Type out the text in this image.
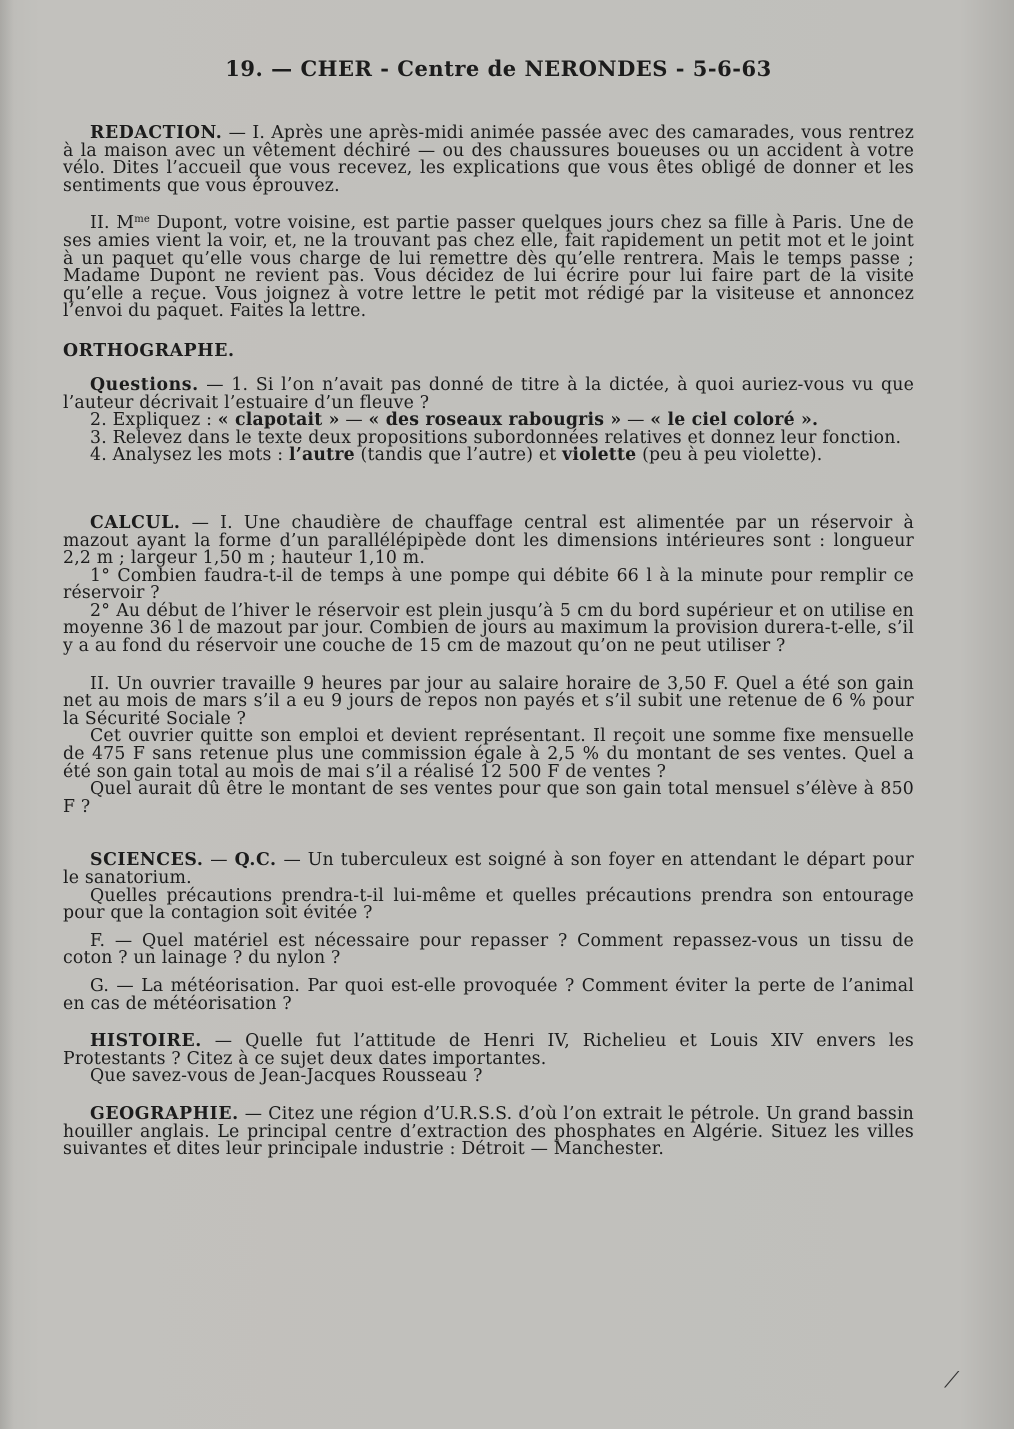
19. — CHER - Centre de NERONDES - 5-6-63

REDACTION. — I. Après une après-midi animée passée avec des camarades, vous rentrez à la maison avec un vêtement déchiré — ou des chaussures boueuses ou un accident à votre vélo. Dites l’accueil que vous recevez, les explications que vous êtes obligé de donner et les sentiments que vous éprouvez.

II. $M^{me}$ Dupont, votre voisine, est partie passer quelques jours chez sa fille à Paris. Une de ses amies vient la voir, et, ne la trouvant pas chez elle, fait rapidement un petit mot et le joint à un paquet qu’elle vous charge de lui remettre dès qu’elle rentrera. Mais le temps passe ; Madame Dupont ne revient pas. Vous décidez de lui écrire pour lui faire part de la visite qu’elle a reçue. Vous joignez à votre lettre le petit mot rédigé par la visiteuse et annoncez l’envoi du paquet. Faites la lettre.

ORTHOGRAPHE.

Questions. — 1. Si l’on n’avait pas donné de titre à la dictée, à quoi auriez-vous vu que l’auteur décrivait l’estuaire d’un fleuve ?

2. Expliquez : « clapotait » — « des roseaux rabougris » — « le ciel coloré ».

3. Relevez dans le texte deux propositions subordonnées relatives et donnez leur fonction.

4. Analysez les mots : l’autre (tandis que l’autre) et violette (peu à peu violette).

CALCUL. — I. Une chaudière de chauffage central est alimentée par un réservoir à mazout ayant la forme d’un parallélépipède dont les dimensions intérieures sont : longueur 2,2 m ; largeur 1,50 m ; hauteur 1,10 m.

1° Combien faudra-t-il de temps à une pompe qui débite 66 l à la minute pour remplir ce réservoir ?

2° Au début de l’hiver le réservoir est plein jusqu’à 5 cm du bord supérieur et on utilise en moyenne 36 l de mazout par jour. Combien de jours au maximum la provision durera-t-elle, s’il y a au fond du réservoir une couche de 15 cm de mazout qu’on ne peut utiliser ?

II. Un ouvrier travaille 9 heures par jour au salaire horaire de 3,50 F. Quel a été son gain net au mois de mars s’il a eu 9 jours de repos non payés et s’il subit une retenue de 6 % pour la Sécurité Sociale ?

Cet ouvrier quitte son emploi et devient représentant. Il reçoit une somme fixe mensuelle de 475 F sans retenue plus une commission égale à 2,5 % du montant de ses ventes. Quel a été son gain total au mois de mai s’il a réalisé 12 500 F de ventes ?

Quel aurait dû être le montant de ses ventes pour que son gain total mensuel s’élève à 850 F ?

SCIENCES. — Q.C. — Un tuberculeux est soigné à son foyer en attendant le départ pour le sanatorium.

Quelles précautions prendra-t-il lui-même et quelles précautions prendra son entourage pour que la contagion soit évitée ?

F. — Quel matériel est nécessaire pour repasser ? Comment repassez-vous un tissu de coton ? un lainage ? du nylon ?

G. — La météorisation. Par quoi est-elle provoquée ? Comment éviter la perte de l’animal en cas de météorisation ?

HISTOIRE. — Quelle fut l’attitude de Henri IV, Richelieu et Louis XIV envers les Protestants ? Citez à ce sujet deux dates importantes.

Que savez-vous de Jean-Jacques Rousseau ?

GEOGRAPHIE. — Citez une région d’U.R.S.S. d’où l’on extrait le pétrole. Un grand bassin houiller anglais. Le principal centre d’extraction des phosphates en Algérie. Situez les villes suivantes et dites leur principale industrie : Détroit — Manchester.

⟋
